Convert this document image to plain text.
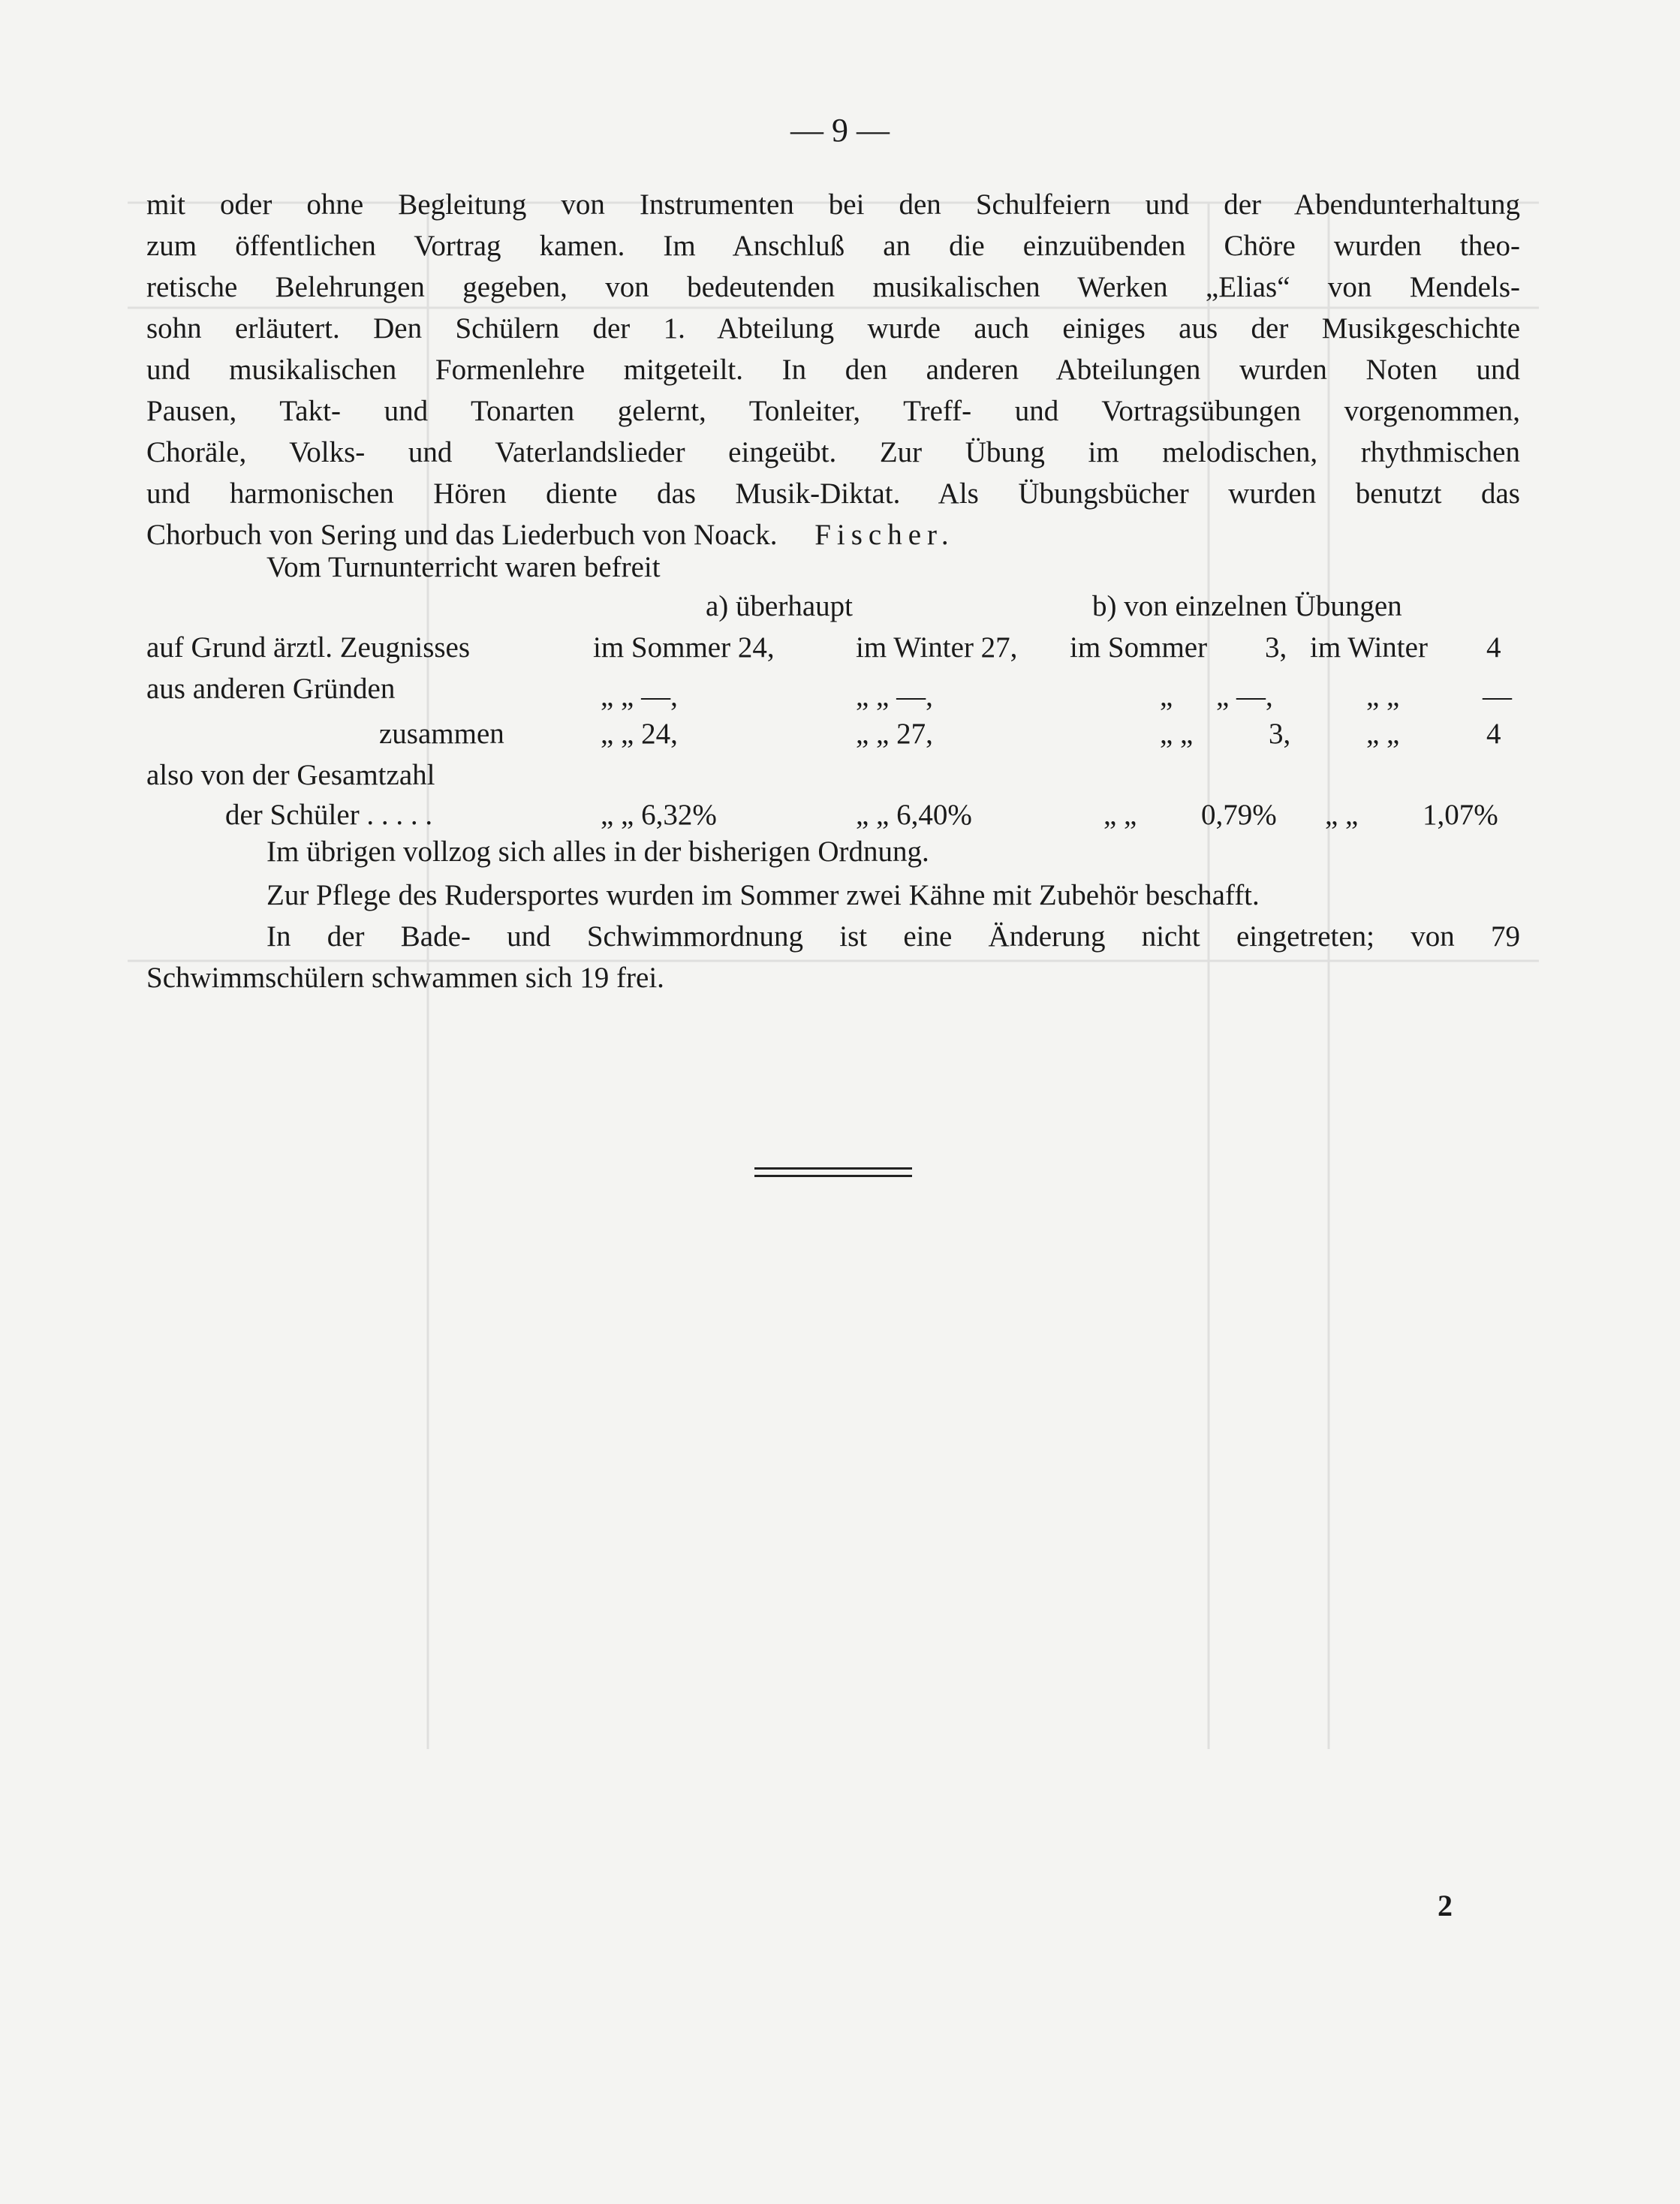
— 9 —
mit oder ohne Begleitung von Instrumenten bei den Schulfeiern und der Abendunterhaltung
zum öffentlichen Vortrag kamen. Im Anschluß an die einzuübenden Chöre wurden theo-
retische Belehrungen gegeben, von bedeutenden musikalischen Werken „Elias“ von Mendels-
sohn erläutert. Den Schülern der 1. Abteilung wurde auch einiges aus der Musikgeschichte
und musikalischen Formenlehre mitgeteilt. In den anderen Abteilungen wurden Noten und
Pausen, Takt- und Tonarten gelernt, Tonleiter, Treff- und Vortragsübungen vorgenommen,
Choräle, Volks- und Vaterlandslieder eingeübt. Zur Übung im melodischen, rhythmischen
und harmonischen Hören diente das Musik-Diktat. Als Übungsbücher wurden benutzt das
Chorbuch von Sering und das Liederbuch von Noack. Fischer.
Vom Turnunterricht waren befreit
a) überhaupt	b) von einzelnen Übungen
auf Grund ärztl. Zeugnisses	im Sommer 24,	im Winter 27, im Sommer 3, im Winter 4
aus anderen Gründen	„ „ —,	„ „ —,	„ „ —,	„ „	—
zusammen	„ „ 24,	„ „ 27,	„ „	3,	„ „	4
also von der Gesamtzahl
der Schüler . . . . .	„ „ 6,32%	„ „ 6,40%	„ „ 0,79% „ „ 1,07%
Im übrigen vollzog sich alles in der bisherigen Ordnung.
Zur Pflege des Rudersportes wurden im Sommer zwei Kähne mit Zubehör beschafft.
In der Bade- und Schwimmordnung ist eine Änderung nicht eingetreten; von 79
Schwimmschülern schwammen sich 19 frei.
2
